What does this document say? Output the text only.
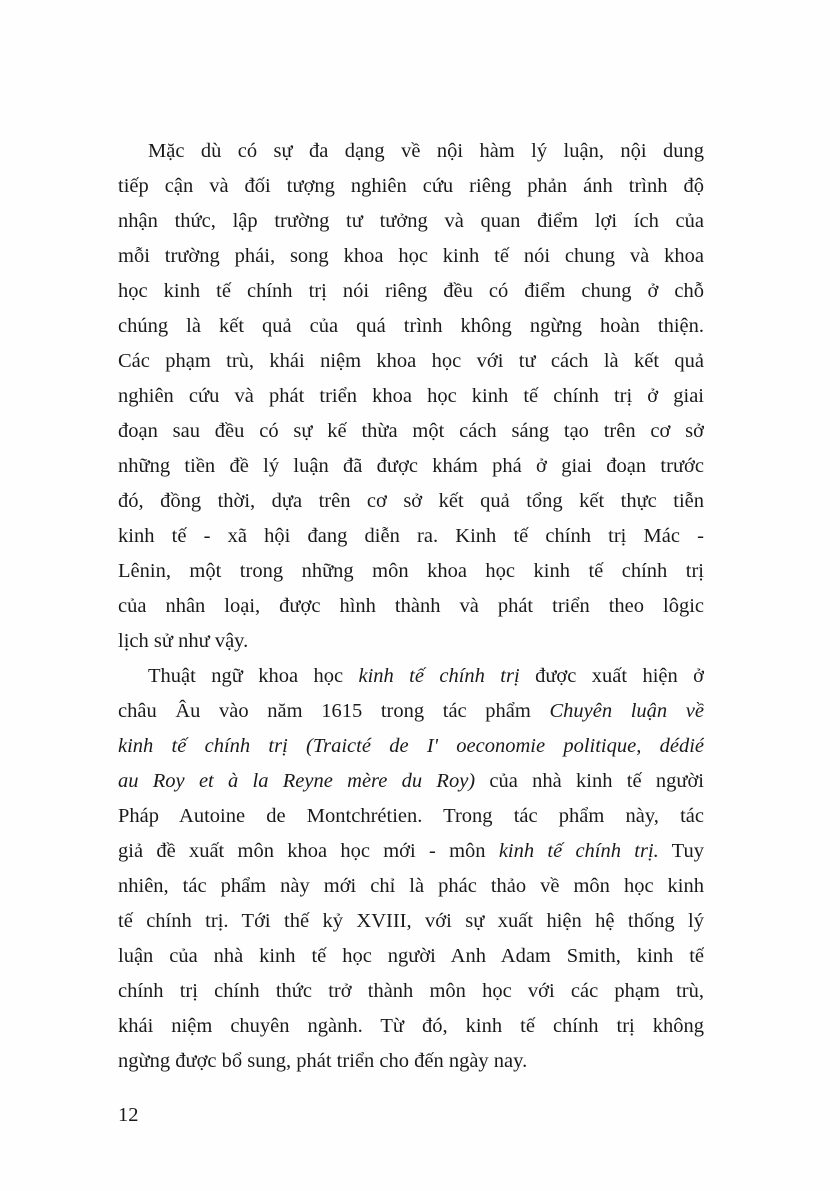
Mặc dù có sự đa dạng về nội hàm lý luận, nội dung
tiếp cận và đối tượng nghiên cứu riêng phản ánh trình độ
nhận thức, lập trường tư tưởng và quan điểm lợi ích của
mỗi trường phái, song khoa học kinh tế nói chung và khoa
học kinh tế chính trị nói riêng đều có điểm chung ở chỗ
chúng là kết quả của quá trình không ngừng hoàn thiện.
Các phạm trù, khái niệm khoa học với tư cách là kết quả
nghiên cứu và phát triển khoa học kinh tế chính trị ở giai
đoạn sau đều có sự kế thừa một cách sáng tạo trên cơ sở
những tiền đề lý luận đã được khám phá ở giai đoạn trước
đó, đồng thời, dựa trên cơ sở kết quả tổng kết thực tiễn
kinh tế - xã hội đang diễn ra. Kinh tế chính trị Mác -
Lênin, một trong những môn khoa học kinh tế chính trị
của nhân loại, được hình thành và phát triển theo lôgic
lịch sử như vậy.
Thuật ngữ khoa học kinh tế chính trị được xuất hiện ở
châu Âu vào năm 1615 trong tác phẩm Chuyên luận về
kinh tế chính trị (Traicté de I' oeconomie politique, dédié
au Roy et à la Reyne mère du Roy) của nhà kinh tế người
Pháp Autoine de Montchrétien. Trong tác phẩm này, tác
giả đề xuất môn khoa học mới - môn kinh tế chính trị. Tuy
nhiên, tác phẩm này mới chỉ là phác thảo về môn học kinh
tế chính trị. Tới thế kỷ XVIII, với sự xuất hiện hệ thống lý
luận của nhà kinh tế học người Anh Adam Smith, kinh tế
chính trị chính thức trở thành môn học với các phạm trù,
khái niệm chuyên ngành. Từ đó, kinh tế chính trị không
ngừng được bổ sung, phát triển cho đến ngày nay.
12
